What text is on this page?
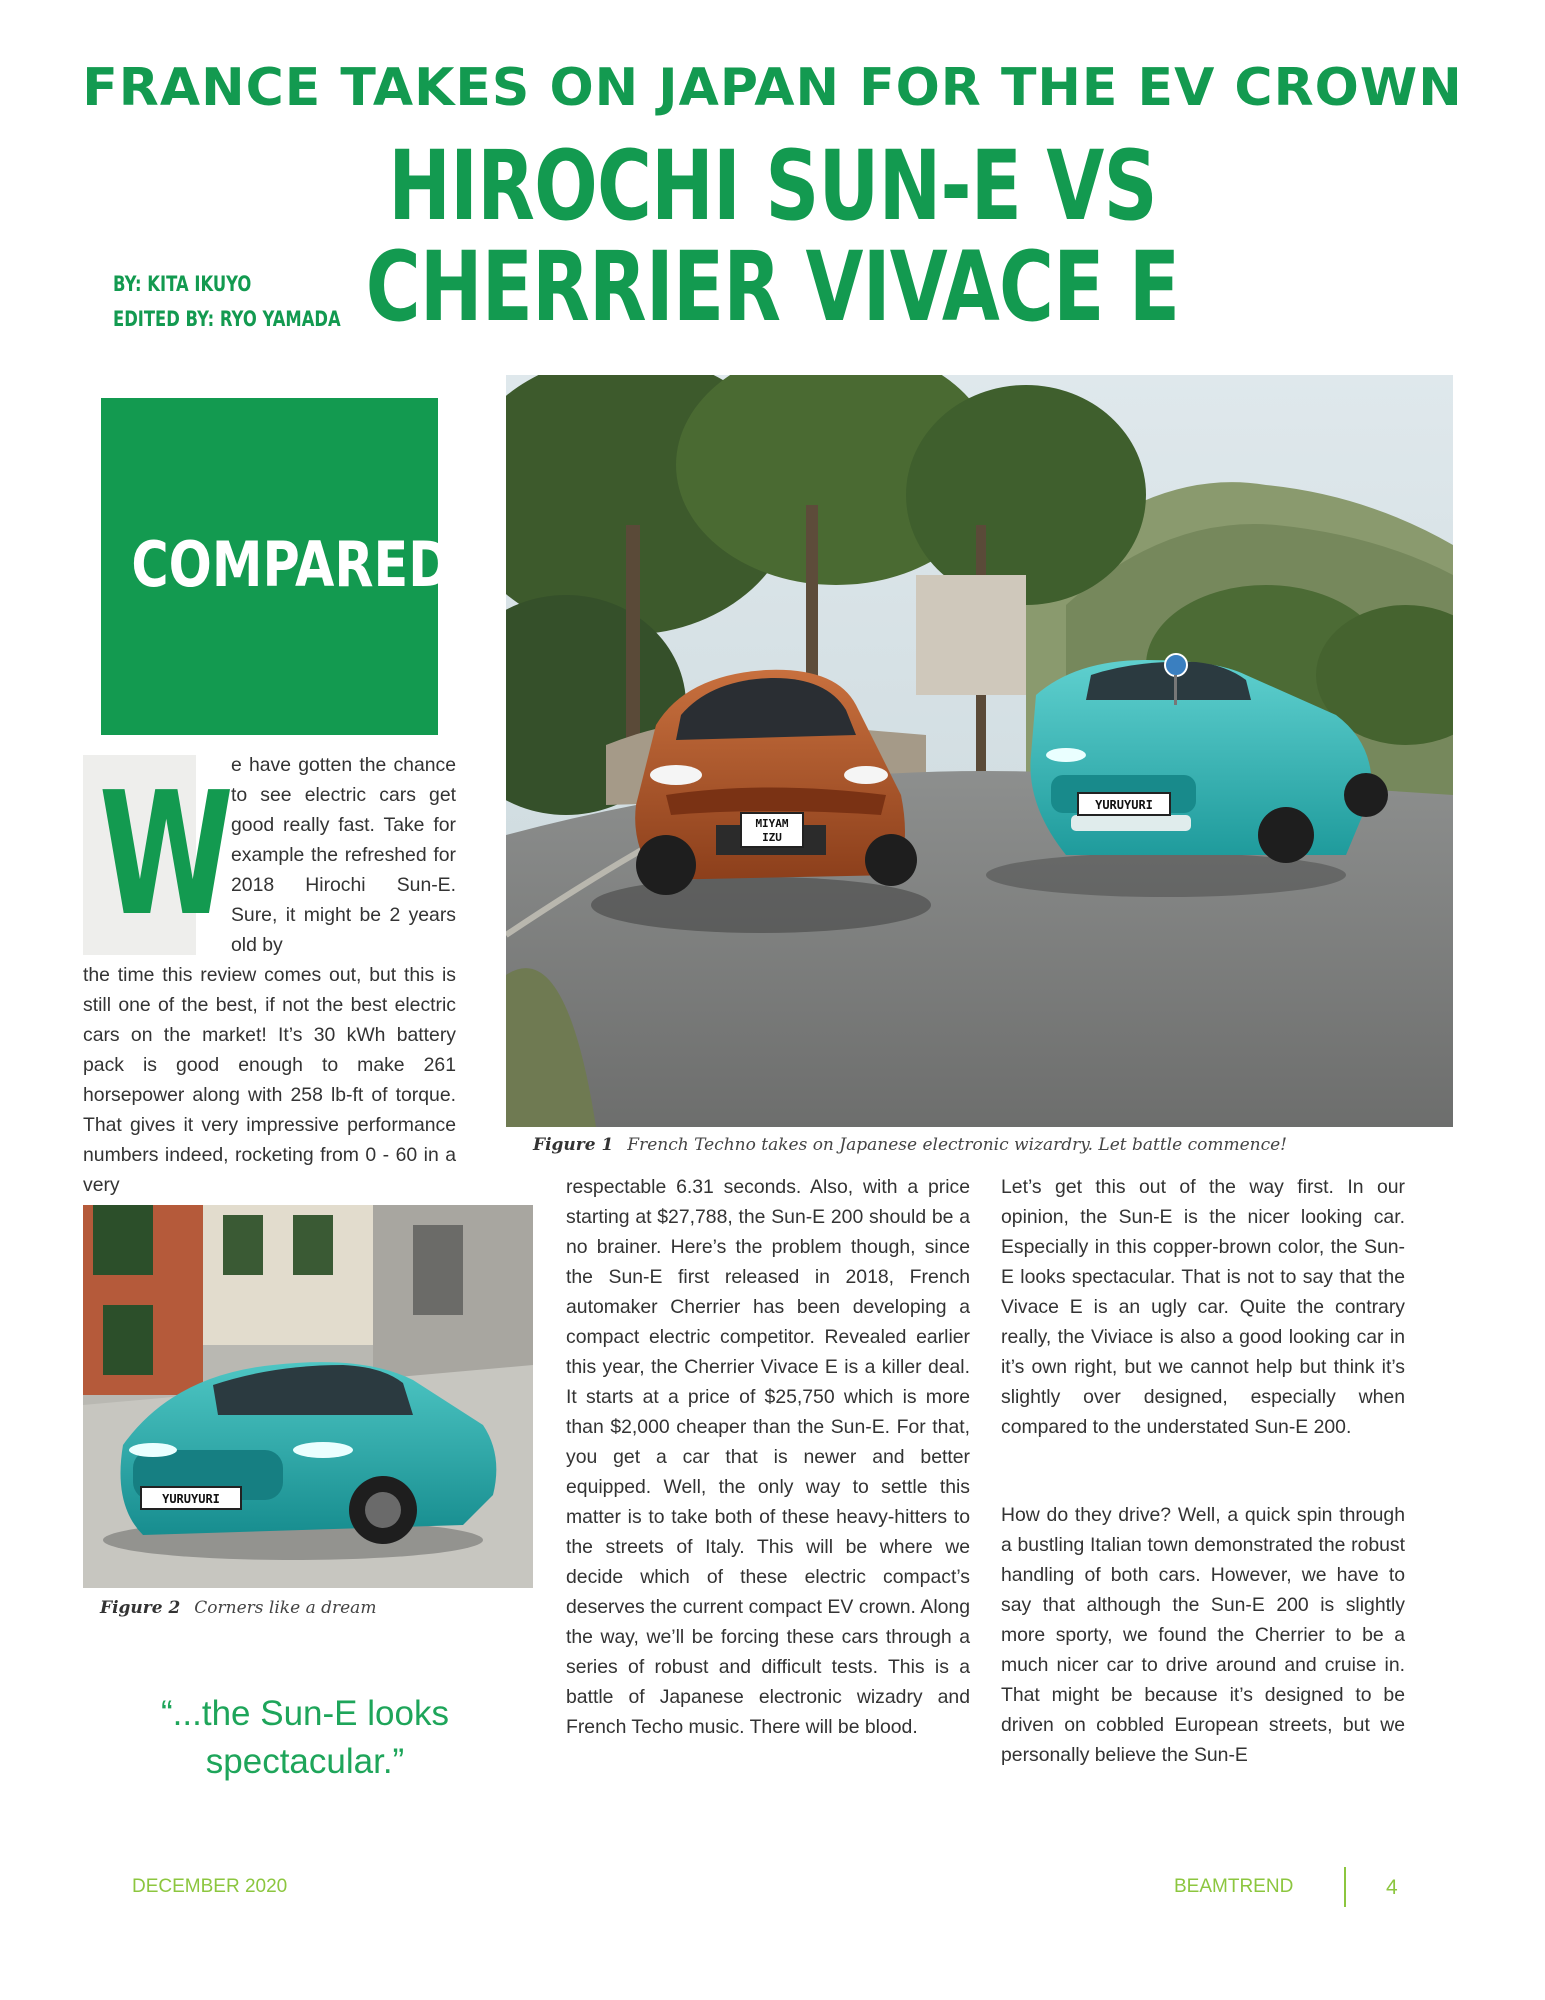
FRANCE TAKES ON JAPAN FOR THE EV CROWN
HIROCHI SUN-E VS CHERRIER VIVACE E
BY: KITA IKUYO
EDITED BY: RYO YAMADA
COMPARED
W
e have gotten the chance to see electric cars get good really fast. Take for example the refreshed for 2018 Hirochi Sun-E. Sure, it might be 2 years old by
the time this review comes out, but this is still one of the best, if not the best electric cars on the market! It’s 30 kWh battery pack is good enough to make 261 horsepower along with 258 lb-ft of torque. That gives it very impressive performance numbers indeed, rocketing from 0 - 60 in a very
MIYAM
IZU
YURUYURI
Figure 1 French Techno takes on Japanese electronic wizardry. Let battle commence!
YURUYURI
Figure 2 Corners like a dream
“...the Sun-E looks spectacular.”
respectable 6.31 seconds. Also, with a price starting at $27,788, the Sun-E 200 should be a no brainer. Here’s the problem though, since the Sun-E first released in 2018, French automaker Cherrier has been developing a compact electric competitor. Revealed earlier this year, the Cherrier Vivace E is a killer deal. It starts at a price of $25,750 which is more than $2,000 cheaper than the Sun-E. For that, you get a car that is newer and better equipped. Well, the only way to settle this matter is to take both of these heavy-hitters to the streets of Italy. This will be where we decide which of these electric compact’s deserves the current compact EV crown. Along the way, we’ll be forcing these cars through a series of robust and difficult tests. This is a battle of Japanese electronic wizadry and French Techo music. There will be blood.
Let’s get this out of the way first. In our opinion, the Sun-E is the nicer looking car. Especially in this copper-brown color, the Sun-E looks spectacular. That is not to say that the Vivace E is an ugly car. Quite the contrary really, the Viviace is also a good looking car in it’s own right, but we cannot help but think it’s slightly over designed, especially when compared to the understated Sun-E 200.
How do they drive? Well, a quick spin through a bustling Italian town demonstrated the robust handling of both cars. However, we have to say that although the Sun-E 200 is slightly more sporty, we found the Cherrier to be a much nicer car to drive around and cruise in. That might be because it’s designed to be driven on cobbled European streets, but we personally believe the Sun-E
DECEMBER 2020	BEAMTREND	4
